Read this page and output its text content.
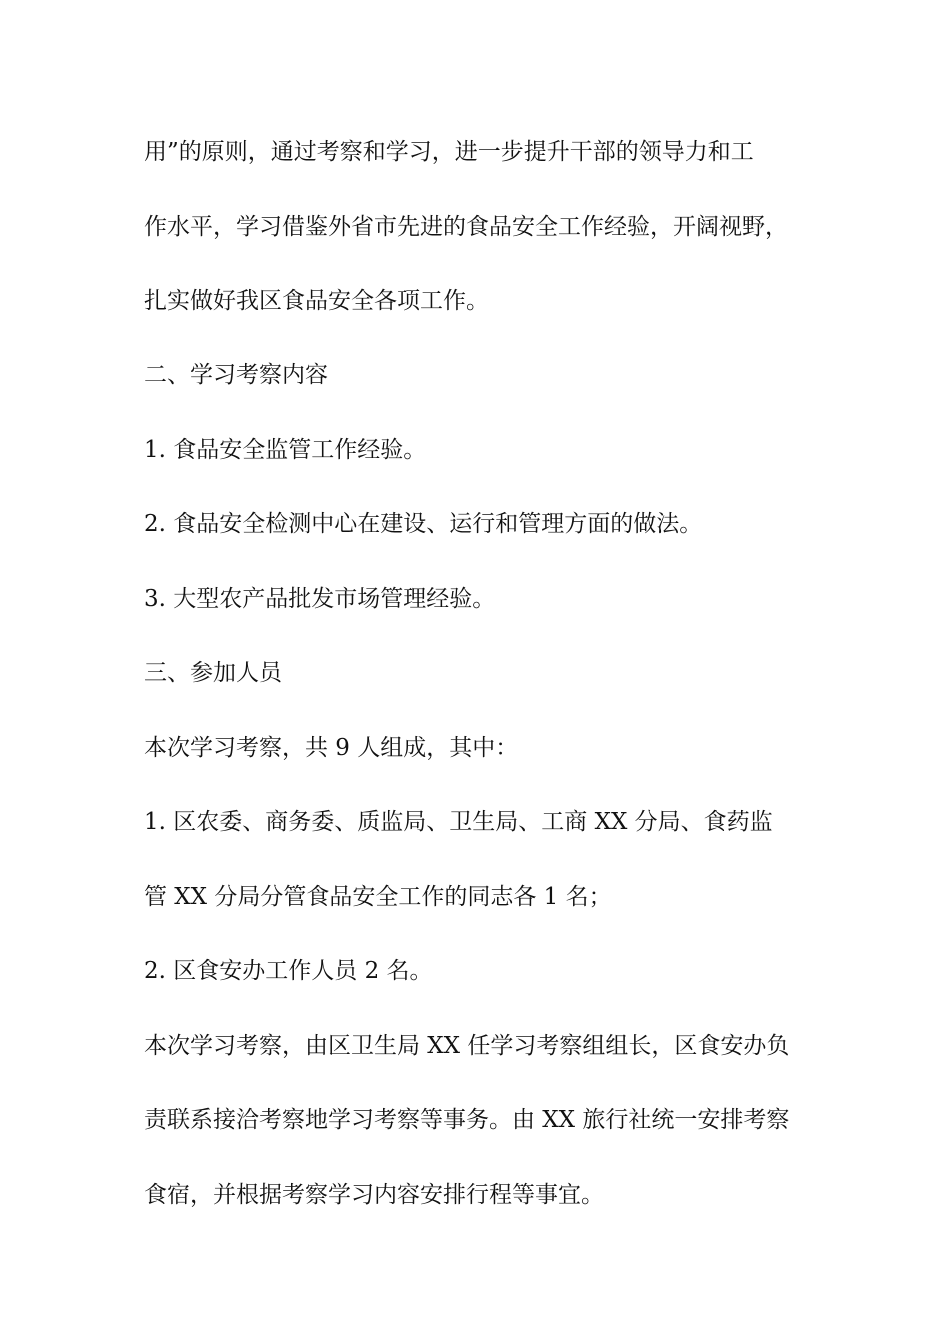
用”的原则，通过考察和学习，进一步提升干部的领导力和工
作水平，学习借鉴外省市先进的食品安全工作经验，开阔视野，
扎实做好我区食品安全各项工作。
二、学习考察内容
1. 食品安全监管工作经验。
2. 食品安全检测中心在建设、运行和管理方面的做法。
3. 大型农产品批发市场管理经验。
三、参加人员
本次学习考察，共 9 人组成，其中：
1. 区农委、商务委、质监局、卫生局、工商 XX 分局、食药监
管 XX 分局分管食品安全工作的同志各 1 名；
2. 区食安办工作人员 2 名。
本次学习考察，由区卫生局 XX 任学习考察组组长，区食安办负
责联系接洽考察地学习考察等事务。由 XX 旅行社统一安排考察
食宿，并根据考察学习内容安排行程等事宜。
